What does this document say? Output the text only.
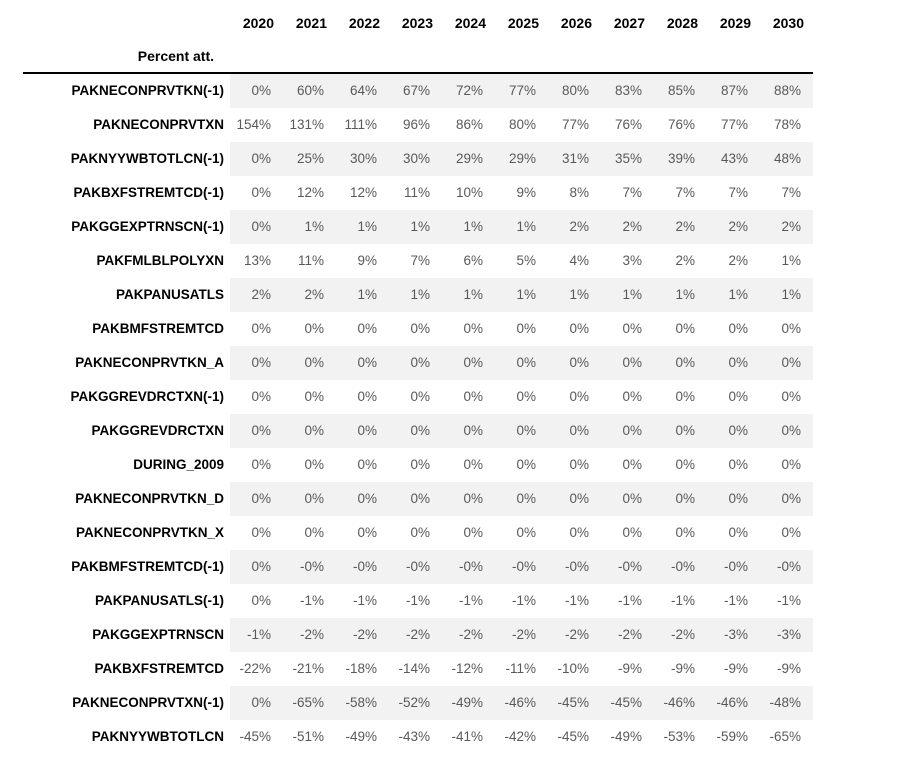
2020	2021	2022	2023	2024	2025	2026	2027	2028	2029	2030
Percent att.
PAKNECONPRVTKN(-1)	0%	60%	64%	67%	72%	77%	80%	83%	85%	87%	88%
PAKNECONPRVTXN 154%	131%	111%	96%	86%	80%	77%	76%	76%	77%	78%
PAKNYYWBTOTLCN(-1)	0%	25%	30%	30%	29%	29%	31%	35%	39%	43%	48%
PAKBXFSTREMTCD(-1)	0%	12%	12%	11%	10%	9%	8%	7%	7%	7%	7%
PAKGGEXPTRNSCN(-1)	0%	1%	1%	1%	1%	1%	2%	2%	2%	2%	2%
PAKFMLBLPOLYXN	13%	11%	9%	7%	6%	5%	4%	3%	2%	2%	1%
PAKPANUSATLS	2%	2%	1%	1%	1%	1%	1%	1%	1%	1%	1%
PAKBMFSTREMTCD	0%	0%	0%	0%	0%	0%	0%	0%	0%	0%	0%
PAKNECONPRVTKN_A	0%	0%	0%	0%	0%	0%	0%	0%	0%	0%	0%
PAKGGREVDRCTXN(-1)	0%	0%	0%	0%	0%	0%	0%	0%	0%	0%	0%
PAKGGREVDRCTXN	0%	0%	0%	0%	0%	0%	0%	0%	0%	0%	0%
DURING_2009	0%	0%	0%	0%	0%	0%	0%	0%	0%	0%	0%
PAKNECONPRVTKN_D	0%	0%	0%	0%	0%	0%	0%	0%	0%	0%	0%
PAKNECONPRVTKN_X	0%	0%	0%	0%	0%	0%	0%	0%	0%	0%	0%
PAKBMFSTREMTCD(-1)	0%	-0%	-0%	-0%	-0%	-0%	-0%	-0%	-0%	-0%	-0%
PAKPANUSATLS(-1)	0%	-1%	-1%	-1%	-1%	-1%	-1%	-1%	-1%	-1%	-1%
PAKGGEXPTRNSCN	-1%	-2%	-2%	-2%	-2%	-2%	-2%	-2%	-2%	-3%	-3%
PAKBXFSTREMTCD	-22%	-21%	-18%	-14%	-12%	-11%	-10%	-9%	-9%	-9%	-9%
PAKNECONPRVTXN(-1)	0%	-65%	-58%	-52%	-49%	-46%	-45%	-45%	-46%	-46%	-48%
PAKNYYWBTOTLCN	-45%	-51%	-49%	-43%	-41%	-42%	-45%	-49%	-53%	-59%	-65%
